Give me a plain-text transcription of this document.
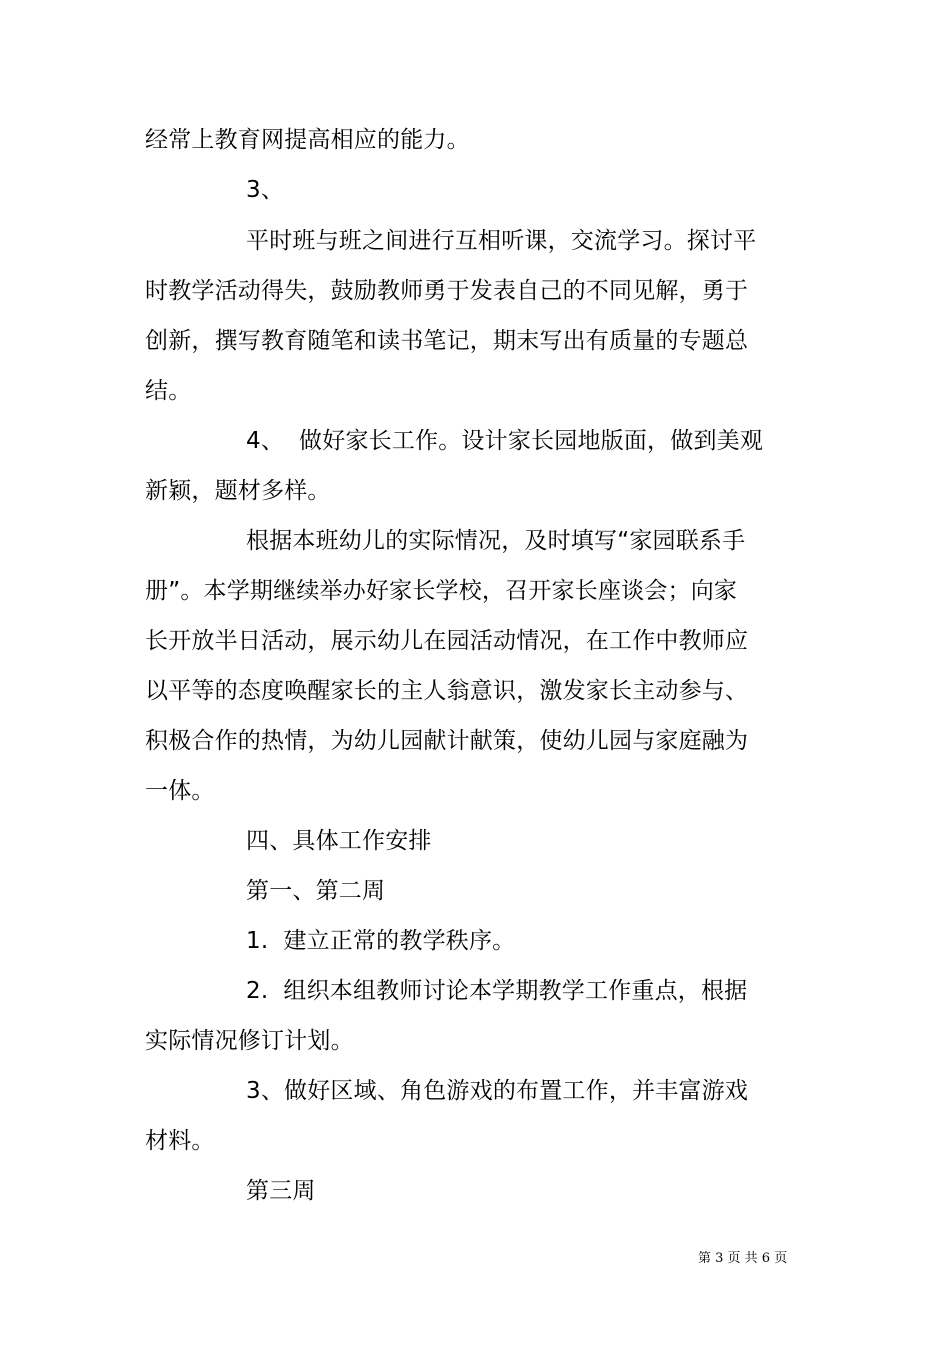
经常上教育网提高相应的能力。

3、

平时班与班之间进行互相听课，交流学习。探讨平

时教学活动得失，鼓励教师勇于发表自己的不同见解，勇于

创新，撰写教育随笔和读书笔记，期末写出有质量的专题总

结。

4、  做好家长工作。设计家长园地版面，做到美观

新颖，题材多样。

根据本班幼儿的实际情况，及时填写“家园联系手

册”。本学期继续举办好家长学校，召开家长座谈会；向家

长开放半日活动，展示幼儿在园活动情况，在工作中教师应

以平等的态度唤醒家长的主人翁意识，激发家长主动参与、

积极合作的热情，为幼儿园献计献策，使幼儿园与家庭融为

一体。

四、具体工作安排

第一、第二周

1.  建立正常的教学秩序。

2.  组织本组教师讨论本学期教学工作重点，根据

实际情况修订计划。

3、做好区域、角色游戏的布置工作，并丰富游戏

材料。

第三周

第 3 页 共 6 页
